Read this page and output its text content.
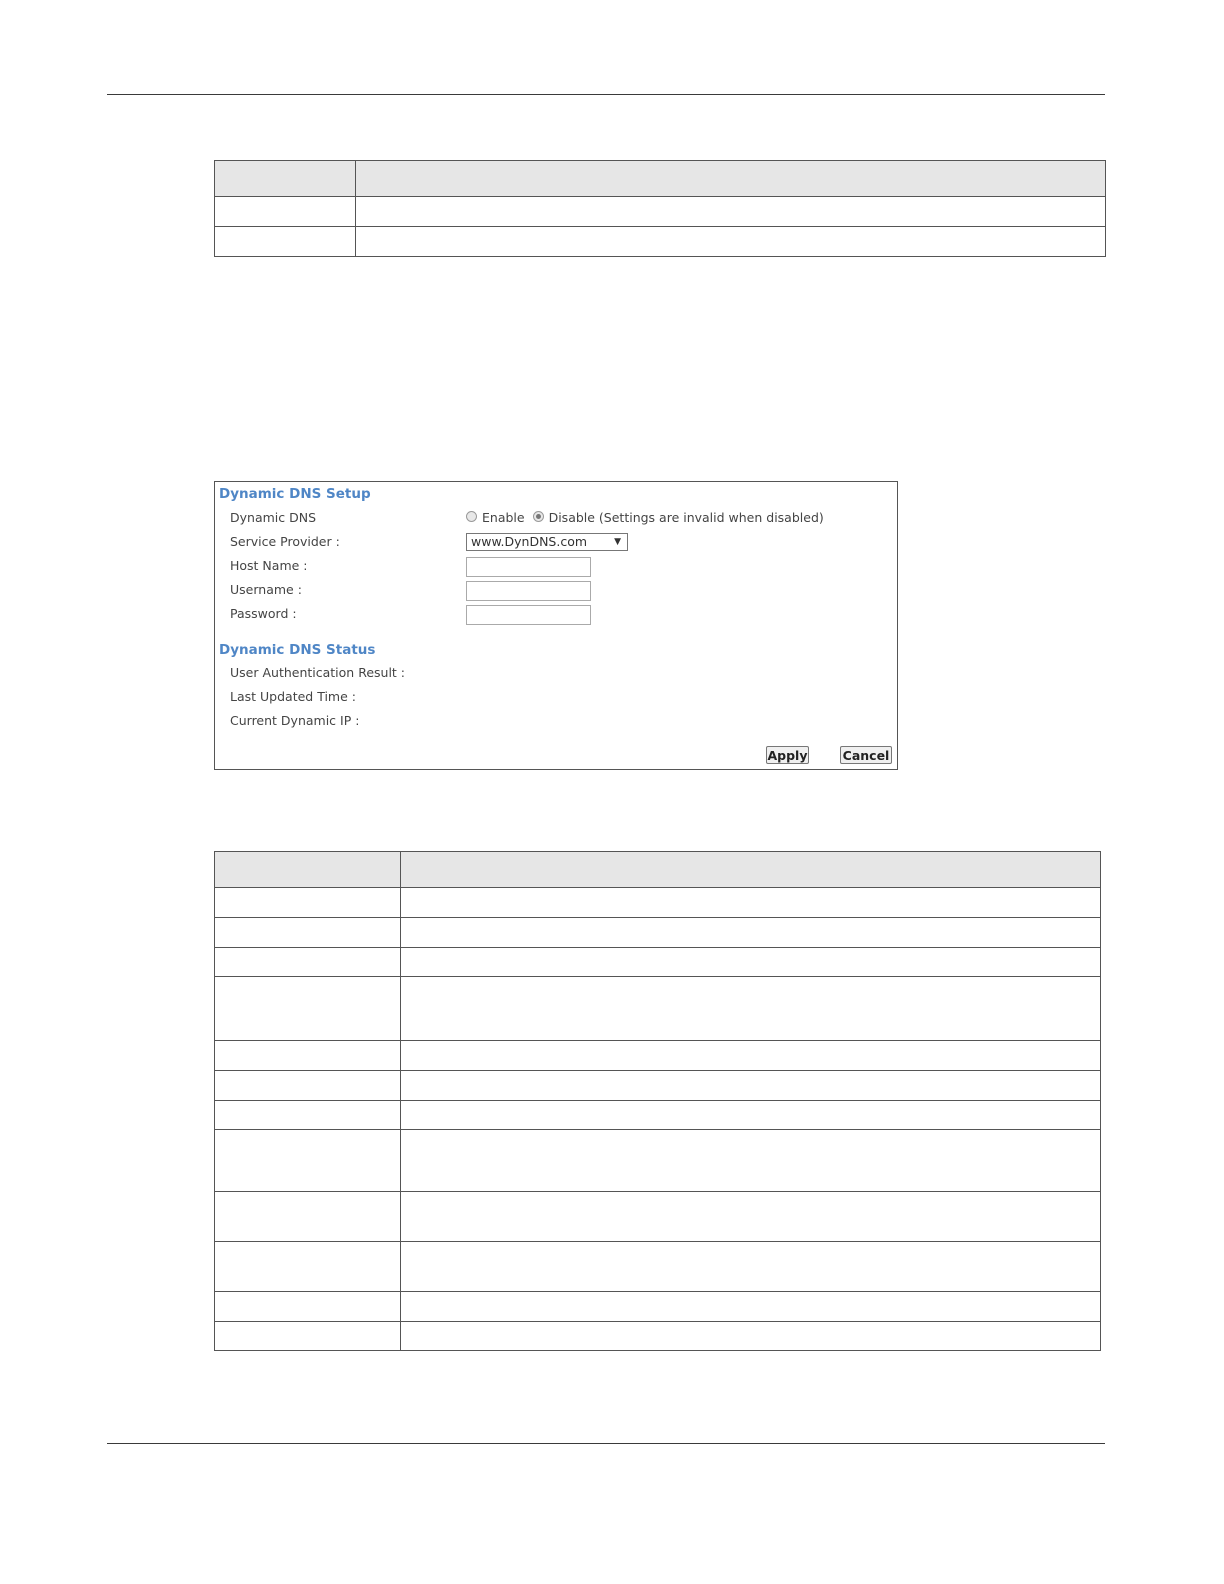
Dynamic DNS Setup
Dynamic DNS	Enable Disable (Settings are invalid when disabled)
Service Provider :	www.DynDNS.com	▼
Host Name :
Username :
Password :
Dynamic DNS Status
User Authentication Result :
Last Updated Time :
Current Dynamic IP :
Apply	Cancel
